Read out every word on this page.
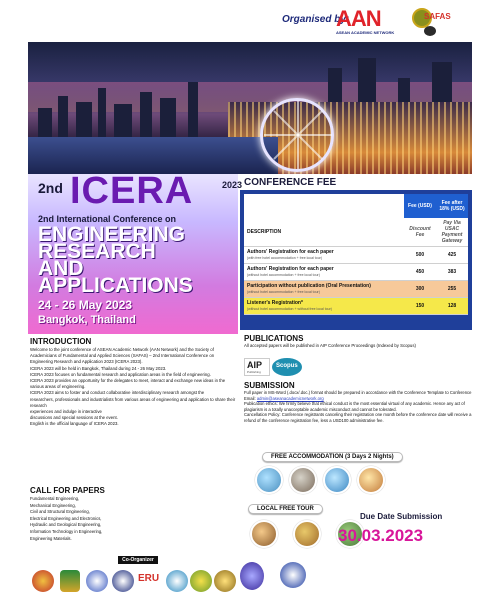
Organised by:
AAN
ASEAN ACADEMIC NETWORK
SAFAS
2nd ICERA	2023
2nd International Conference on
ENGINEERING
RESEARCH
AND
APPLICATIONS
24 - 26 May 2023
Bangkok, Thailand
CONFERENCE FEE
	Fee (USD)	Fee after 18% (USD)
DESCRIPTION	Discount Fee	Pay Via USAC Payment Gateway
Authors' Registration for each paper
(with free hotel accommodation + free local tour)	500	425
Authors' Registration for each paper
(without hotel accommodation + free local tour)	450	383
Participation without publication (Oral Presentation)
(without hotel accommodation + free local tour)	300	255
Listener's Registration*
(without hotel accommodation + without free local tour)	150	128
INTRODUCTION
Welcome to the joint conference of ASEAN Academic Network (AAN Network) and the Society of Academicians of Fundamental and Applied Sciences (SAFAS) – 2nd International Conference on Engineering Research and Application 2023 (ICERA 2023).
ICERA 2023 will be held in Bangkok, Thailand during 24 - 26 May 2023.
ICERA 2023 focuses on fundamental research and application areas in the field of engineering.
ICERA 2023 provides an opportunity for the delegates to meet, interact and exchange new ideas in the various areas of engineering.
ICERA 2023 aims to foster and conduct collaborative interdisciplinary research amongst the
researchers, professionals and industrialists from various areas of engineering and application to share their research
experiences and indulge in interactive
discussions and special sessions at the event.
English is the official language of ICERA 2023.
CALL FOR PAPERS
Fundamental Engineering,
Mechanical Engineering,
Civil and Structural Engineering,
Electrical Engineering and Electronics,
Hydraulic and Geological Engineering,
Information Technology in Engineering,
Engineering Materials.
PUBLICATIONS
All accepted papers will be published in AIP Conference Proceedings (Indexed by Scopus)
AIP
Publishing
Scopus
SUBMISSION
Full paper in MS-Word (.docx/.doc.) format should be prepared in accordance with the Conference Template to Conference Email: admin@aseanacademicnetwork.org
Publication ethics: We firmly believe that ethical conduct is the most essential virtual of any academic. Hence any act of plagiarism is a totally unacceptable academic misconduct and cannot be tolerated.
Cancellation Policy: Conference registrants canceling their registration one month before the conference date will receive a refund of the conference registration fee, less a USD100 administrative fee.
FREE ACCOMMODATION (3 Days 2 Nights)
LOCAL FREE TOUR
Due Date Submission
30.03.2023
Co-Organizer
ERU
